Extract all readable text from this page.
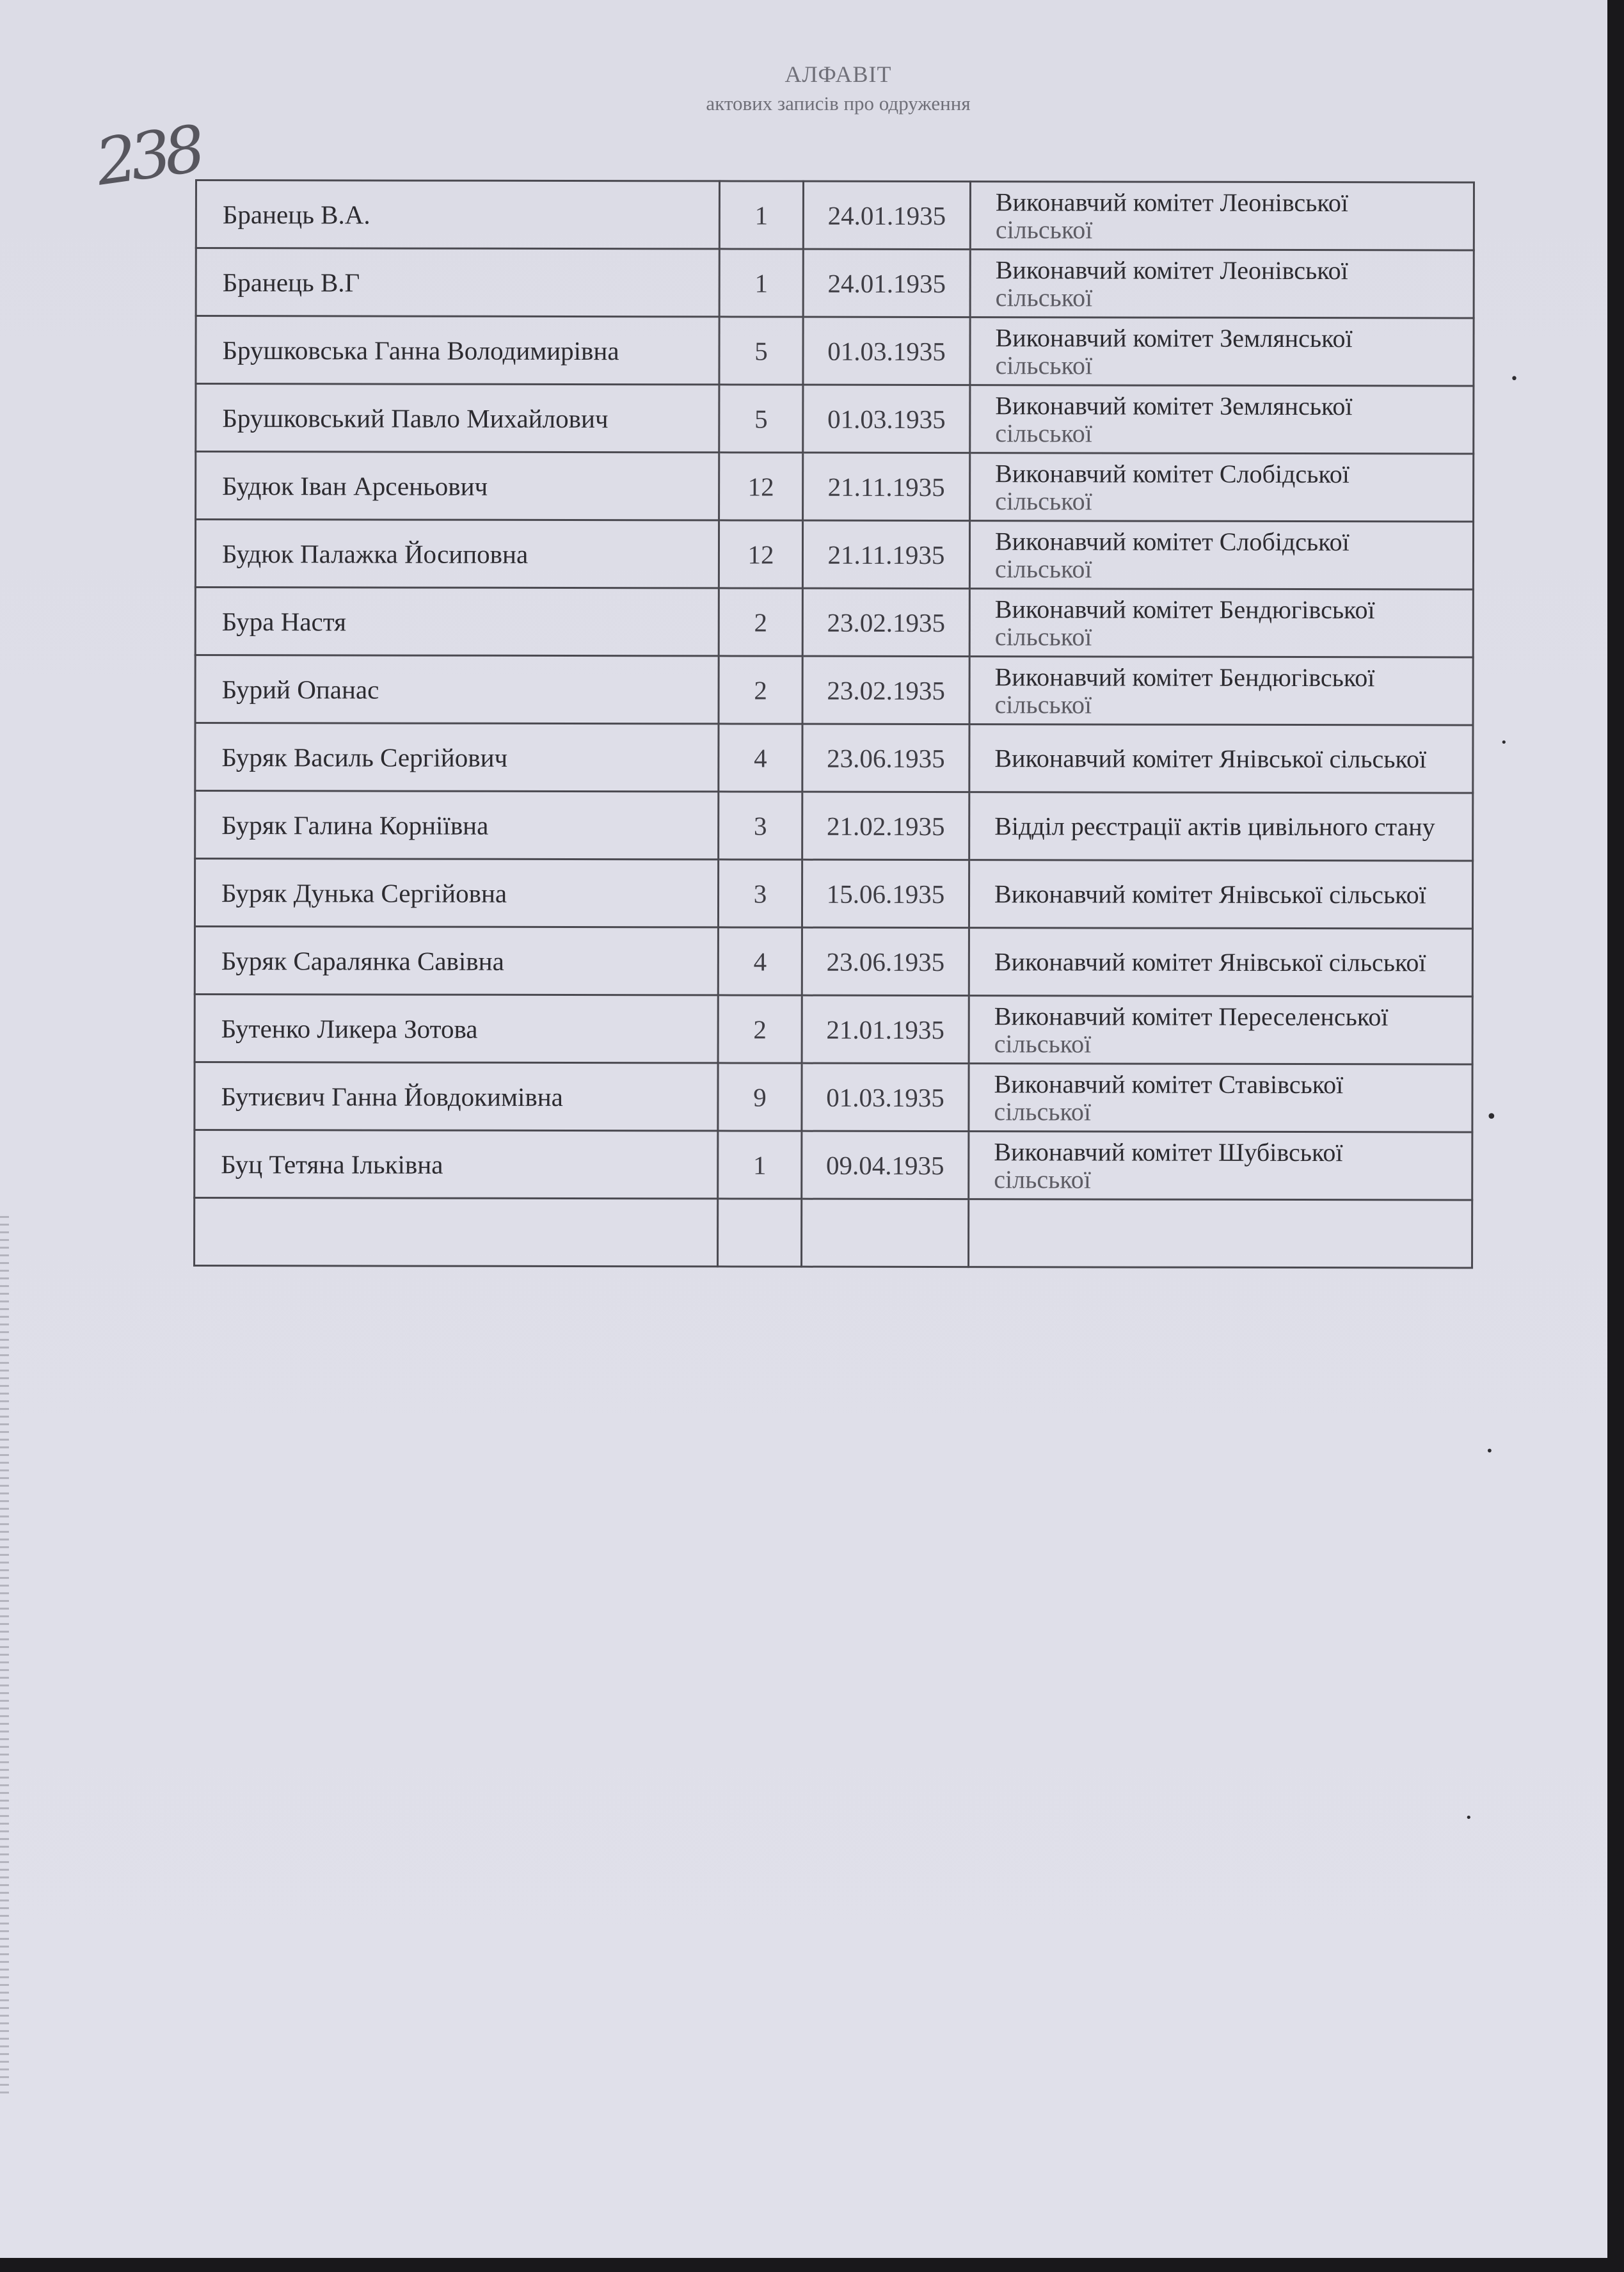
238
АЛФАВІТ
актових записів про одруження
Бранець В.А.	1	24.01.1935	Виконавчий комітет Леонівської
сільської

Бранець В.Г	1	24.01.1935	Виконавчий комітет Леонівської
сільської

Брушковська Ганна Володимирівна	5	01.03.1935	Виконавчий комітет Землянської
сільської

Брушковський Павло Михайлович	5	01.03.1935	Виконавчий комітет Землянської
сільської

Будюк Іван Арсеньович	12	21.11.1935	Виконавчий комітет Слобідської
сільської

Будюк Палажка Йосиповна	12	21.11.1935	Виконавчий комітет Слобідської
сільської

Бура Настя	2	23.02.1935	Виконавчий комітет Бендюгівської
сільської

Бурий Опанас	2	23.02.1935	Виконавчий комітет Бендюгівської
сільської

Буряк Василь Сергійович	4	23.06.1935	Виконавчий комітет Янівської сільської

Буряк Галина Корніївна	3	21.02.1935	Відділ реєстрації актів цивільного стану

Буряк Дунька Сергійовна	3	15.06.1935	Виконавчий комітет Янівської сільської

Буряк Саралянка Савівна	4	23.06.1935	Виконавчий комітет Янівської сільської

Бутенко Ликера Зотова	2	21.01.1935	Виконавчий комітет Переселенської
сільської

Бутиєвич Ганна Йовдокимівна	9	01.03.1935	Виконавчий комітет Ставівської
сільської

Буц Тетяна Ільківна	1	09.04.1935	Виконавчий комітет Шубівської
сільської

•
•
•
•
•
